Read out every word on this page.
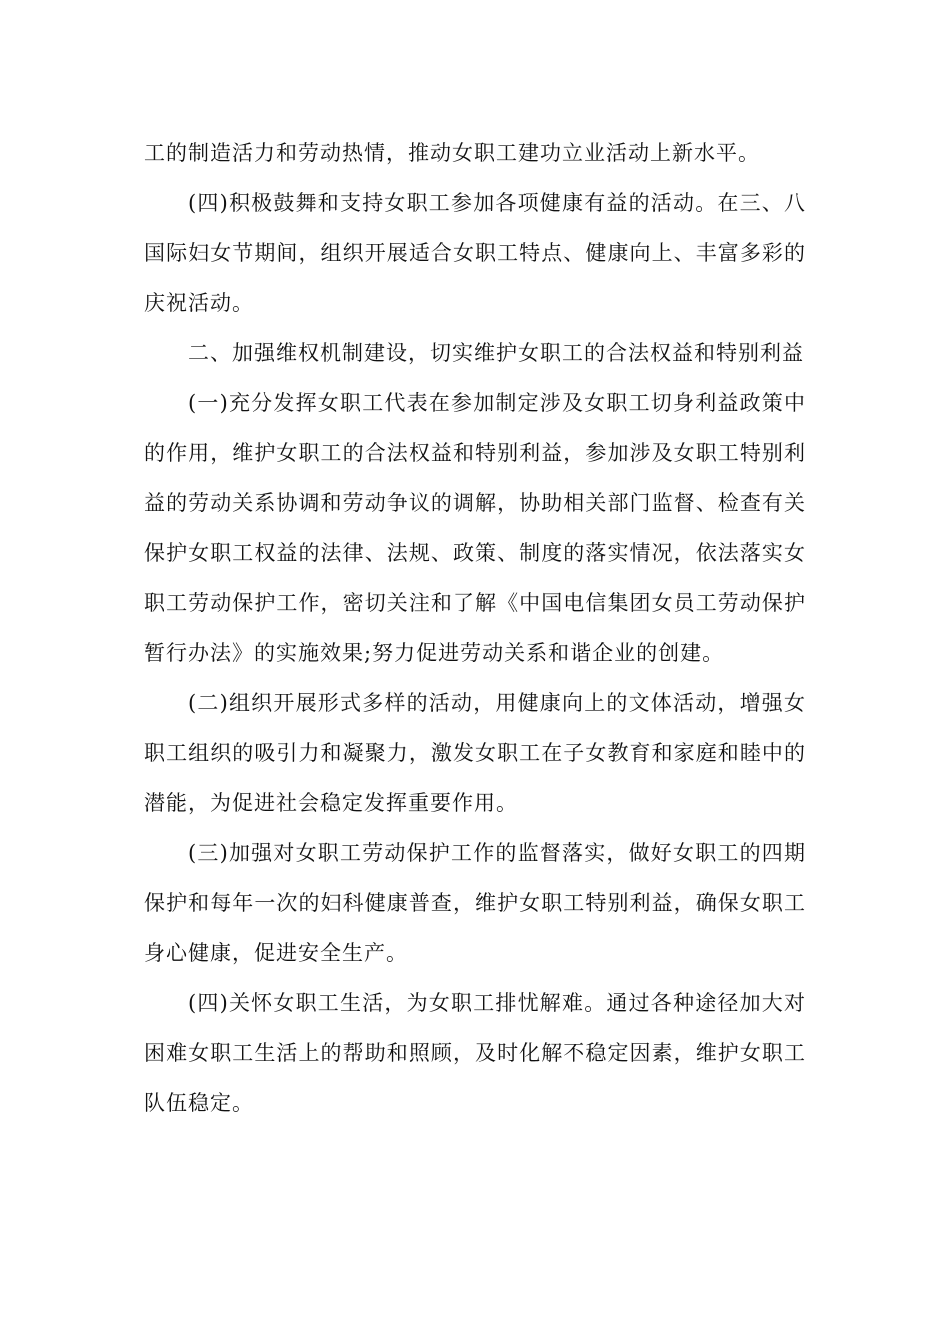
工的制造活力和劳动热情，推动女职工建功立业活动上新水平。

(四)积极鼓舞和支持女职工参加各项健康有益的活动。在三、八国际妇女节期间，组织开展适合女职工特点、健康向上、丰富多彩的庆祝活动。

二、加强维权机制建设，切实维护女职工的合法权益和特别利益

(一)充分发挥女职工代表在参加制定涉及女职工切身利益政策中的作用，维护女职工的合法权益和特别利益，参加涉及女职工特别利益的劳动关系协调和劳动争议的调解，协助相关部门监督、检查有关保护女职工权益的法律、法规、政策、制度的落实情况，依法落实女职工劳动保护工作，密切关注和了解《中国电信集团女员工劳动保护暂行办法》的实施效果;努力促进劳动关系和谐企业的创建。

(二)组织开展形式多样的活动，用健康向上的文体活动，增强女职工组织的吸引力和凝聚力，激发女职工在子女教育和家庭和睦中的潜能，为促进社会稳定发挥重要作用。

(三)加强对女职工劳动保护工作的监督落实，做好女职工的四期保护和每年一次的妇科健康普查，维护女职工特别利益，确保女职工身心健康，促进安全生产。

(四)关怀女职工生活，为女职工排忧解难。通过各种途径加大对困难女职工生活上的帮助和照顾，及时化解不稳定因素，维护女职工队伍稳定。
